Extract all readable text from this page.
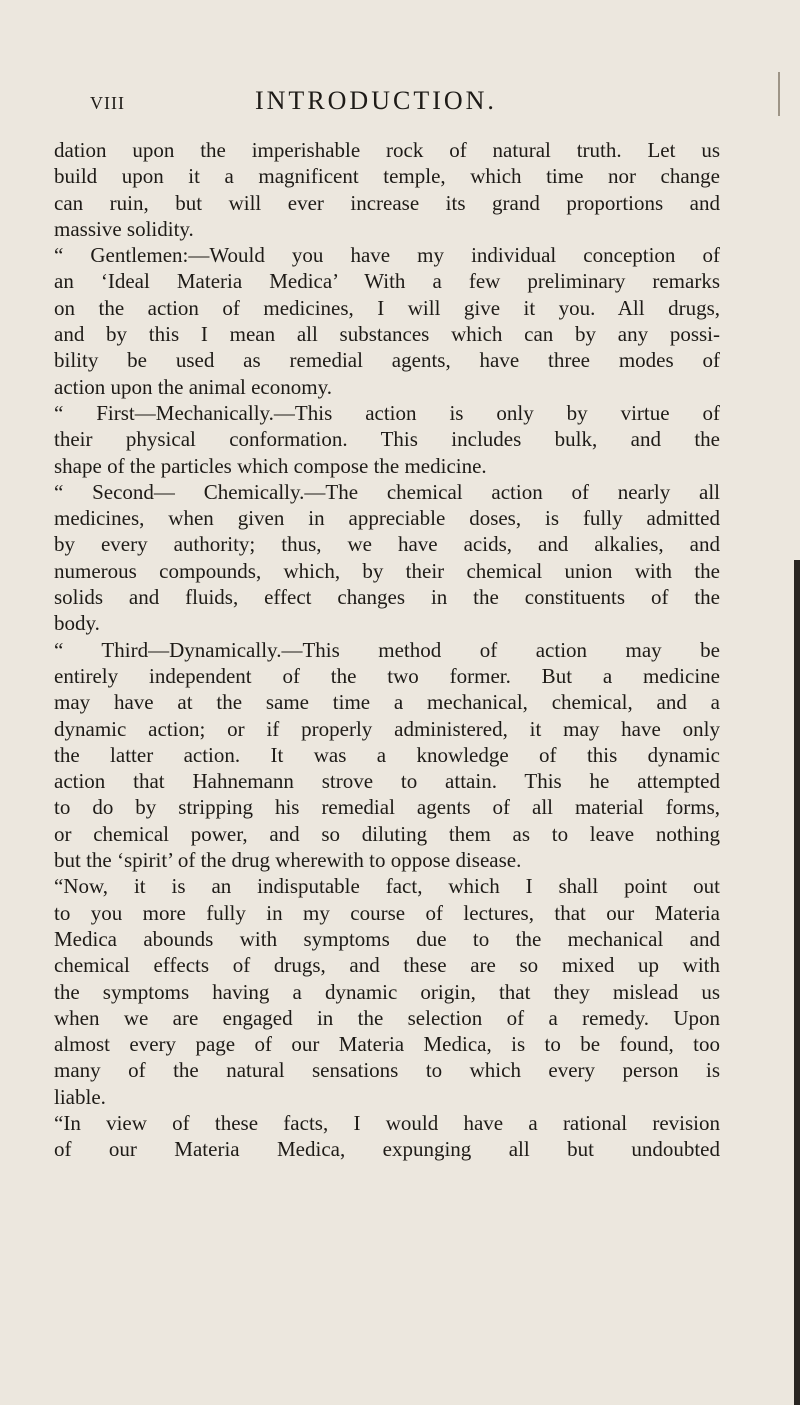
viii	INTRODUCTION.
dation upon the imperishable rock of natural truth. Let us
build upon it a magnificent temple, which time nor change
can ruin, but will ever increase its grand proportions and
massive solidity.
“ Gentlemen:—Would you have my individual conception of
an ‘Ideal Materia Medica’ With a few preliminary remarks
on the action of medicines, I will give it you. All drugs,
and by this I mean all substances which can by any possi-
bility be used as remedial agents, have three modes of
action upon the animal economy.
“ First—Mechanically.—This action is only by virtue of
their physical conformation. This includes bulk, and the
shape of the particles which compose the medicine.
“ Second— Chemically.—The chemical action of nearly all
medicines, when given in appreciable doses, is fully admitted
by every authority; thus, we have acids, and alkalies, and
numerous compounds, which, by their chemical union with the
solids and fluids, effect changes in the constituents of the
body.
“ Third—Dynamically.—This method of action may be
entirely independent of the two former. But a medicine
may have at the same time a mechanical, chemical, and a
dynamic action; or if properly administered, it may have only
the latter action. It was a knowledge of this dynamic
action that Hahnemann strove to attain. This he attempted
to do by stripping his remedial agents of all material forms,
or chemical power, and so diluting them as to leave nothing
but the ‘spirit’ of the drug wherewith to oppose disease.
“Now, it is an indisputable fact, which I shall point out
to you more fully in my course of lectures, that our Materia
Medica abounds with symptoms due to the mechanical and
chemical effects of drugs, and these are so mixed up with
the symptoms having a dynamic origin, that they mislead us
when we are engaged in the selection of a remedy. Upon
almost every page of our Materia Medica, is to be found, too
many of the natural sensations to which every person is
liable.
“In view of these facts, I would have a rational revision
of our Materia Medica, expunging all but undoubted
